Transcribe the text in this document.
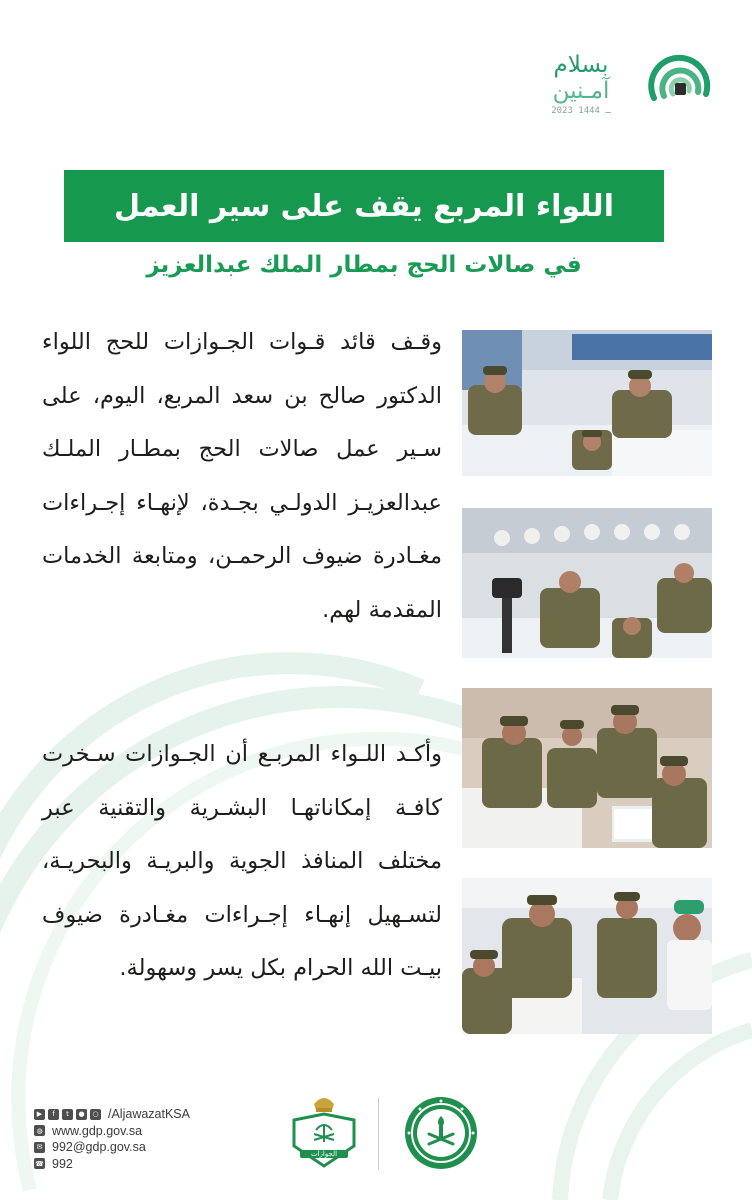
بسلام
آمـنين
2023 ـ 1444
اللواء المربع يقف على سير العمل
في صالات الحج بمطار الملك عبدالعزيز

وقـف قائد قـوات الجـوازات للحج اللواء الدكتور صالح بن سعد المربع، اليوم، على سـير عمل صالات الحج بمطـار الملـك عبدالعزيـز الدولـي بجـدة، لإنهـاء إجـراءات مغـادرة ضيوف الرحمـن، ومتابعة الخدمات المقدمة لهم.

وأكـد اللـواء المربـع أن الجـوازات سـخرت كافـة إمكاناتهـا البشـرية والتقنية عبر مختلف المنافذ الجوية والبريـة والبحريـة، لتسـهيل إنهـاء إجـراءات مغـادرة ضيوف بيـت الله الحرام بكل يسر وسهولة.

▶	f	t	●	○ /AljawazatKSA
◍ www.gdp.gov.sa
✉ 992@gdp.gov.sa
☎ 992
الجوازات
